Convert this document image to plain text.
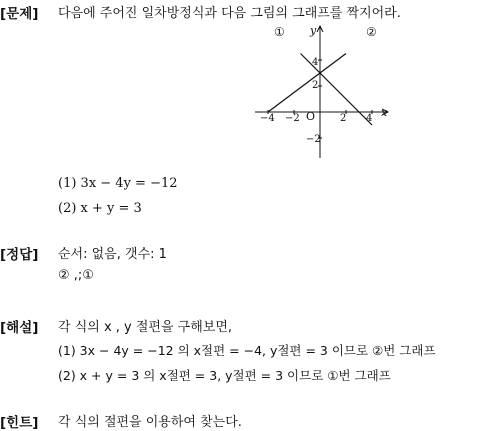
[문제] 다음에 주어진 일차방정식과 다음 그림의 그래프를 짝지어라.
y
x
O
①	②
−4 −2	2 4
4
2
−2
(1) 3x − 4y = −12
(2) x + y = 3
[정답] 순서: 없음, 갯수: 1
② ,;①
[해설] 각 식의 x , y 절편을 구해보면,
(1) 3x − 4y = −12 의 x절편 = −4, y절편 = 3 이므로 ②번 그래프
(2) x + y = 3 의 x절편 = 3, y절편 = 3 이므로 ①번 그래프
[힌트] 각 식의 절편을 이용하여 찾는다.
